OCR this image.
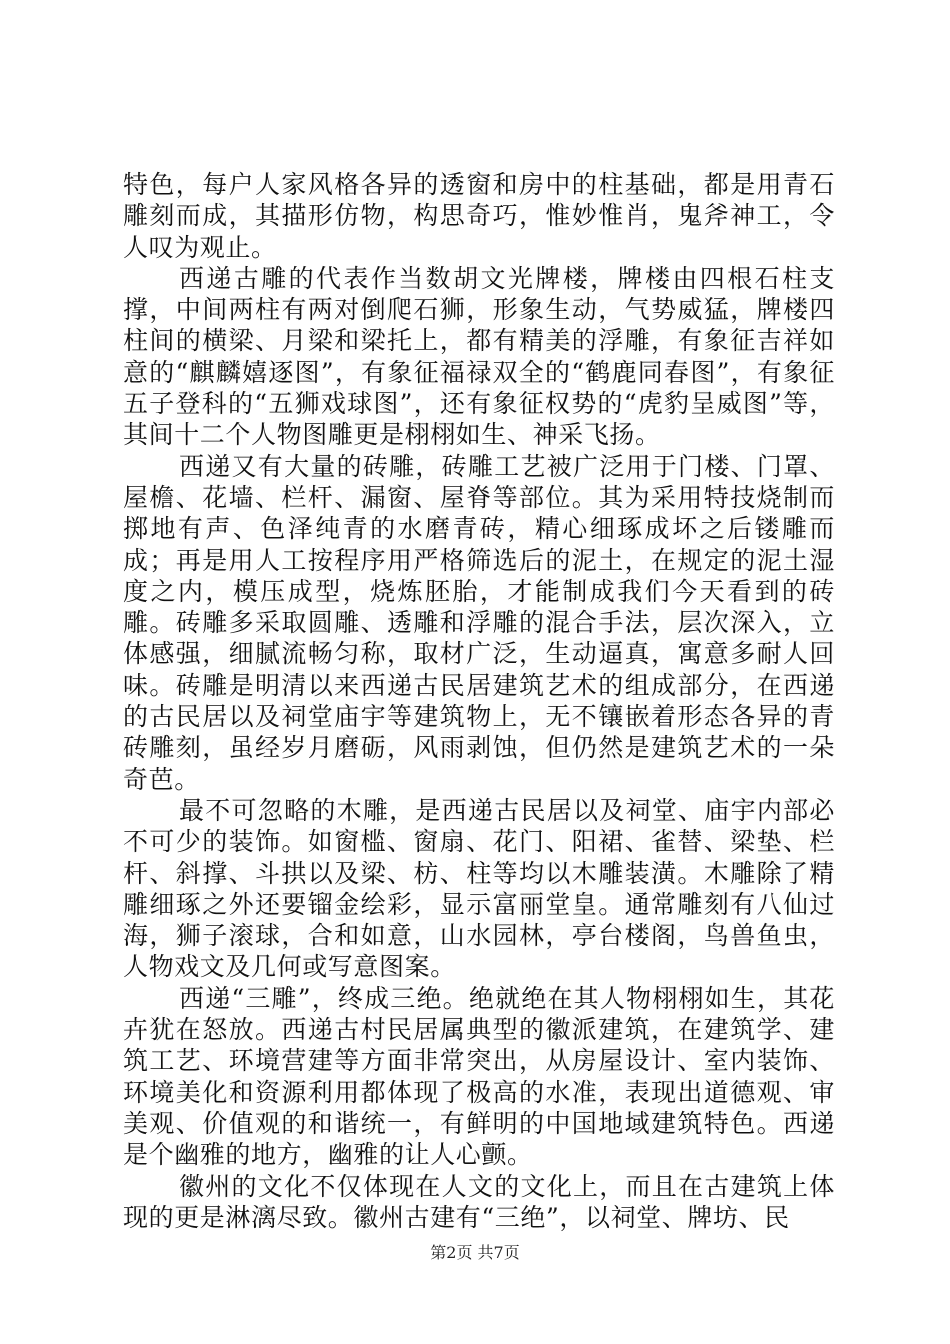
特色，每户人家风格各异的透窗和房中的柱基础，都是用青石雕刻而成，其描形仿物，构思奇巧，惟妙惟肖，鬼斧神工，令人叹为观止。

西递古雕的代表作当数胡文光牌楼，牌楼由四根石柱支撑，中间两柱有两对倒爬石狮，形象生动，气势威猛，牌楼四柱间的横梁、月梁和梁托上，都有精美的浮雕，有象征吉祥如意的“麒麟嬉逐图”，有象征福禄双全的“鹤鹿同春图”，有象征五子登科的“五狮戏球图”，还有象征权势的“虎豹呈威图”等，其间十二个人物图雕更是栩栩如生、神采飞扬。

西递又有大量的砖雕，砖雕工艺被广泛用于门楼、门罩、屋檐、花墙、栏杆、漏窗、屋脊等部位。其为采用特技烧制而掷地有声、色泽纯青的水磨青砖，精心细琢成坏之后镂雕而成；再是用人工按程序用严格筛选后的泥土，在规定的泥土湿度之内，模压成型，烧炼胚胎，才能制成我们今天看到的砖雕。砖雕多采取圆雕、透雕和浮雕的混合手法，层次深入，立体感强，细腻流畅匀称，取材广泛，生动逼真，寓意多耐人回味。砖雕是明清以来西递古民居建筑艺术的组成部分，在西递的古民居以及祠堂庙宇等建筑物上，无不镶嵌着形态各异的青砖雕刻，虽经岁月磨砺，风雨剥蚀，但仍然是建筑艺术的一朵奇芭。

最不可忽略的木雕，是西递古民居以及祠堂、庙宇内部必不可少的装饰。如窗槛、窗扇、花门、阳裙、雀替、梁垫、栏杆、斜撑、斗拱以及梁、枋、柱等均以木雕装潢。木雕除了精雕细琢之外还要镏金绘彩，显示富丽堂皇。通常雕刻有八仙过海，狮子滚球，合和如意，山水园林，亭台楼阁，鸟兽鱼虫，人物戏文及几何或写意图案。

西递“三雕”，终成三绝。绝就绝在其人物栩栩如生，其花卉犹在怒放。西递古村民居属典型的徽派建筑，在建筑学、建筑工艺、环境营建等方面非常突出，从房屋设计、室内装饰、环境美化和资源利用都体现了极高的水准，表现出道德观、审美观、价值观的和谐统一，有鲜明的中国地域建筑特色。西递是个幽雅的地方，幽雅的让人心颤。

徽州的文化不仅体现在人文的文化上，而且在古建筑上体现的更是淋漓尽致。徽州古建有“三绝”，以祠堂、牌坊、民

第2页 共7页
